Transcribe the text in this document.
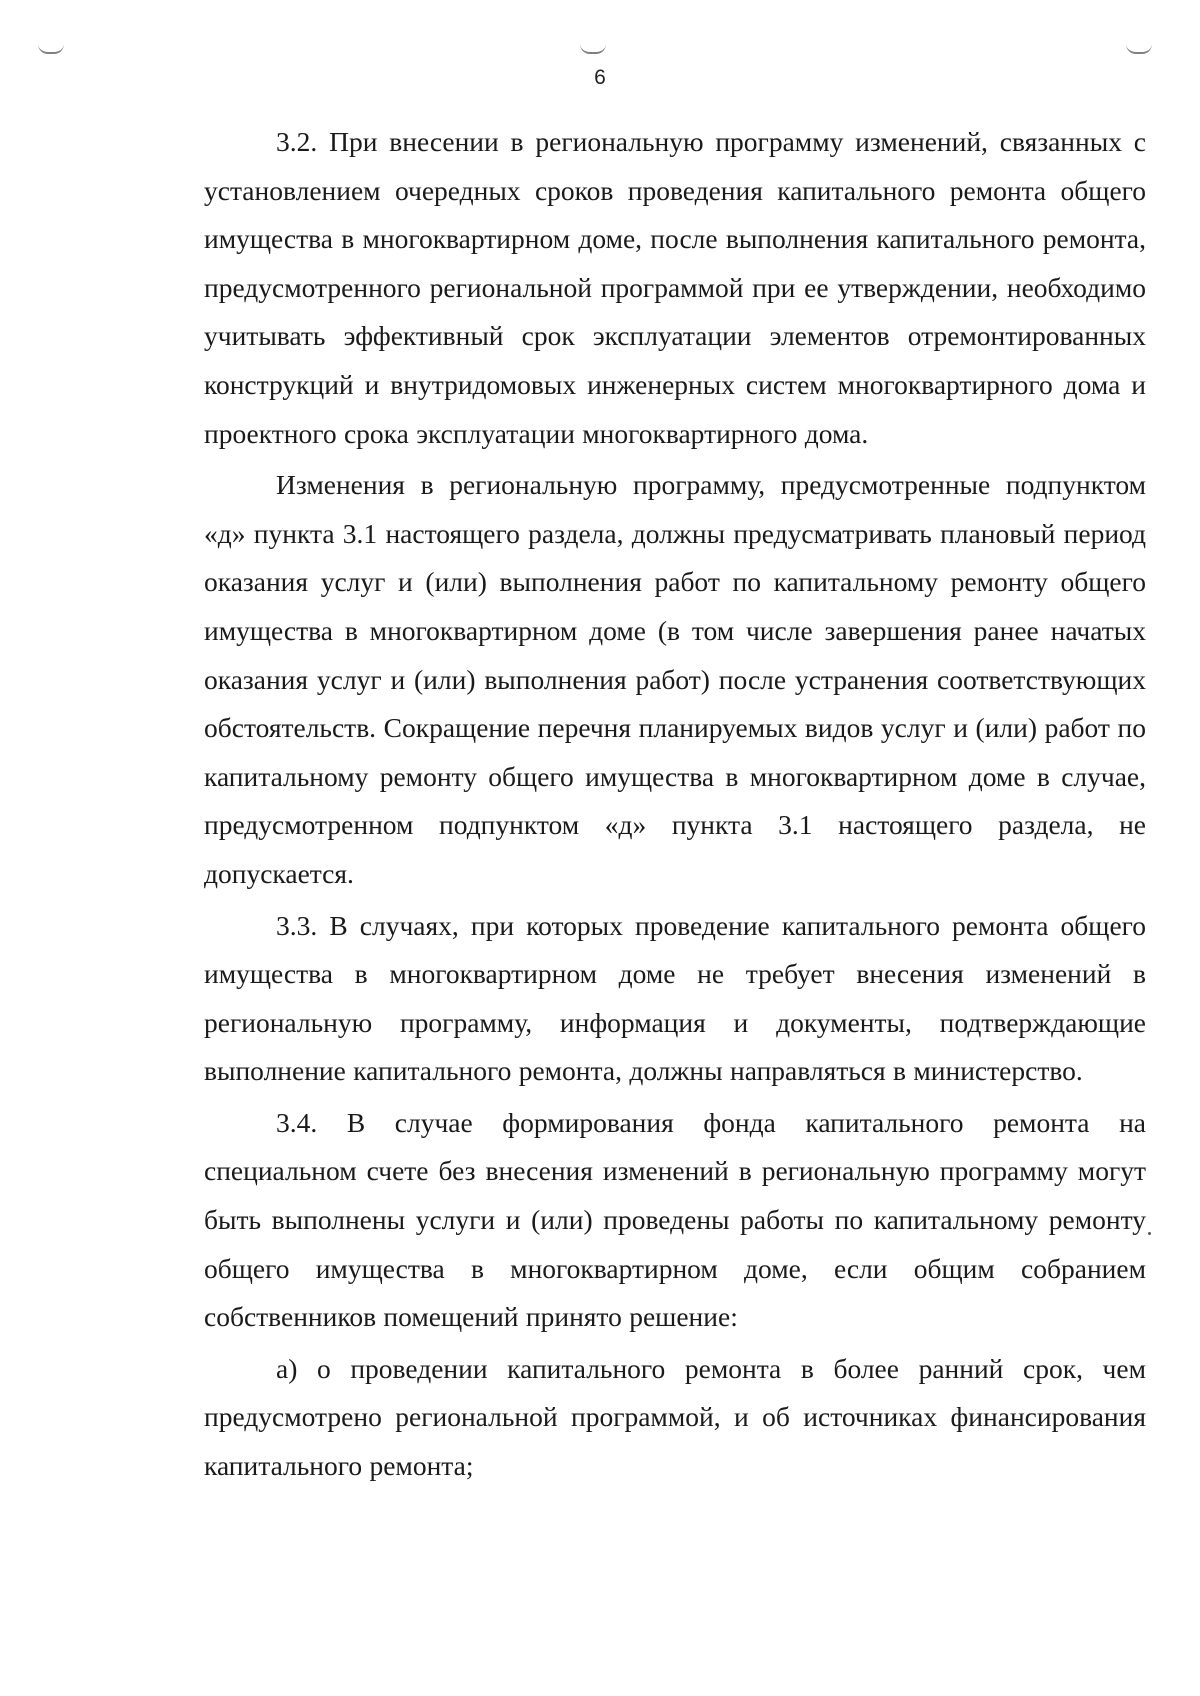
6

3.2. При внесении в региональную программу изменений, связанных с установлением очередных сроков проведения капитального ремонта общего имущества в многоквартирном доме, после выполнения капитального ремонта, предусмотренного региональной программой при ее утверждении, необходимо учитывать эффективный срок эксплуатации элементов отремонтированных конструкций и внутридомовых инженерных систем многоквартирного дома и проектного срока эксплуатации многоквартирного дома.

Изменения в региональную программу, предусмотренные подпунктом «д» пункта 3.1 настоящего раздела, должны предусматривать плановый период оказания услуг и (или) выполнения работ по капитальному ремонту общего имущества в многоквартирном доме (в том числе завершения ранее начатых оказания услуг и (или) выполнения работ) после устранения соответствующих обстоятельств. Сокращение перечня планируемых видов услуг и (или) работ по капитальному ремонту общего имущества в многоквартирном доме в случае, предусмотренном подпунктом «д» пункта 3.1 настоящего раздела, не допускается.

3.3. В случаях, при которых проведение капитального ремонта общего имущества в многоквартирном доме не требует внесения изменений в региональную программу, информация и документы, подтверждающие выполнение капитального ремонта, должны направляться в министерство.

3.4. В случае формирования фонда капитального ремонта на специальном счете без внесения изменений в региональную программу могут быть выполнены услуги и (или) проведены работы по капитальному ремонту общего имущества в многоквартирном доме, если общим собранием собственников помещений принято решение:

а) о проведении капитального ремонта в более ранний срок, чем предусмотрено региональной программой, и об источниках финансирования капитального ремонта;
